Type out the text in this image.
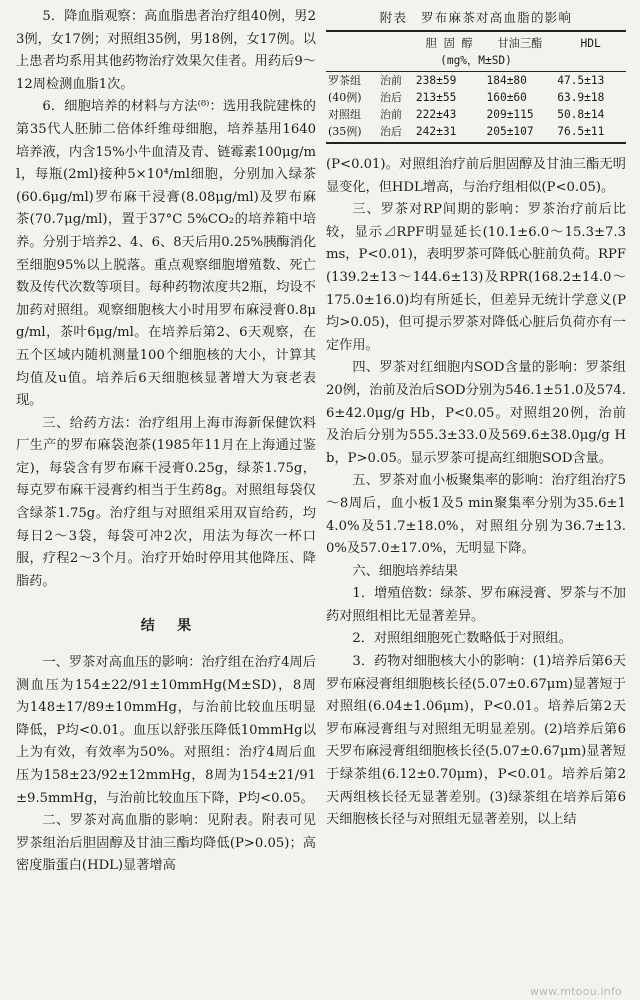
5．降血脂观察：高血脂患者治疗组40例，男23例，女17例；对照组35例，男18例，女17例。以上患者均系用其他药物治疗效果欠佳者。用药后9～12周检测血脂1次。

6．细胞培养的材料与方法⁽⁸⁾：选用我院建株的第35代人胚肺二倍体纤维母细胞，培养基用1640培养液，内含15%小牛血清及青、链霉素100μg/ml，每瓶(2ml)接种5×10⁴/ml细胞，分别加入绿茶(60.6μg/ml)罗布麻干浸膏(8.08μg/ml)及罗布麻茶(70.7μg/ml)，置于37°C 5%CO₂的培养箱中培养。分别于培养2、4、6、8天后用0.25%胰酶消化至细胞95%以上脱落。重点观察细胞增殖数、死亡数及传代次数等项目。每种药物浓度共2瓶，均设不加药对照组。观察细胞核大小时用罗布麻浸膏0.8μg/ml，茶叶6μg/ml。在培养后第2、6天观察，在五个区域内随机测量100个细胞核的大小，计算其均值及u值。培养后6天细胞核显著增大为衰老表现。

三、给药方法：治疗组用上海市海新保健饮料厂生产的罗布麻袋泡茶(1985年11月在上海通过鉴定)，每袋含有罗布麻干浸膏0.25g，绿茶1.75g，每克罗布麻干浸膏约相当于生药8g。对照组每袋仅含绿茶1.75g。治疗组与对照组采用双盲给药，均每日2～3袋，每袋可冲2次，用法为每次一杯口服，疗程2～3个月。治疗开始时停用其他降压、降脂药。

结果

一、罗茶对高血压的影响：治疗组在治疗4周后测血压为154±22/91±10mmHg(M±SD)，8周为148±17/89±10mmHg，与治前比较血压明显降低，P均<0.01。血压以舒张压降低10mmHg以上为有效，有效率为50%。对照组：治疗4周后血压为158±23/92±12mmHg，8周为154±21/91±9.5mmHg，与治前比较血压下降，P均<0.05。

二、罗茶对高血脂的影响：见附表。附表可见罗茶组治后胆固醇及甘油三酯均降低(P>0.05)；高密度脂蛋白(HDL)显著增高

附表　罗布麻茶对高血脂的影响
		胆 固 醇	甘油三酯	HDL
(mg%，M±SD)				
罗茶组	治前	238±59	184±80	47.5±13
(40例)	治后	213±55	160±60	63.9±18
对照组	治前	222±43	209±115	50.8±14
(35例)	治后	242±31	205±107	76.5±11

(P<0.01)。对照组治疗前后胆固醇及甘油三酯无明显变化，但HDL增高，与治疗组相似(P<0.05)。

三、罗茶对RP间期的影响：罗茶治疗前后比较，显示⊿RPF明显延长(10.1±6.0～15.3±7.3ms，P<0.01)，表明罗茶可降低心脏前负荷。RPF(139.2±13～144.6±13)及RPR(168.2±14.0～175.0±16.0)均有所延长，但差异无统计学意义(P均>0.05)，但可提示罗茶对降低心脏后负荷亦有一定作用。

四、罗茶对红细胞内SOD含量的影响：罗茶组20例，治前及治后SOD分别为546.1±51.0及574.6±42.0μg/g Hb，P<0.05。对照组20例，治前及治后分别为555.3±33.0及569.6±38.0μg/g Hb，P>0.05。显示罗茶可提高红细胞SOD含量。

五、罗茶对血小板聚集率的影响：治疗组治疗5～8周后，血小板1及5 min聚集率分别为35.6±14.0%及51.7±18.0%，对照组分别为36.7±13.0%及57.0±17.0%，无明显下降。

六、细胞培养结果

1．增殖倍数：绿茶、罗布麻浸膏、罗茶与不加药对照组相比无显著差异。

2．对照组细胞死亡数略低于对照组。

3．药物对细胞核大小的影响：(1)培养后第6天罗布麻浸膏组细胞核长径(5.07±0.67μm)显著短于对照组(6.04±1.06μm)，P<0.01。培养后第2天罗布麻浸膏组与对照组无明显差别。(2)培养后第6天罗布麻浸膏组细胞核长径(5.07±0.67μm)显著短于绿茶组(6.12±0.70μm)，P<0.01。培养后第2天两组核长径无显著差别。(3)绿茶组在培养后第6天细胞核长径与对照组无显著差别，以上结

www.mtoou.info
